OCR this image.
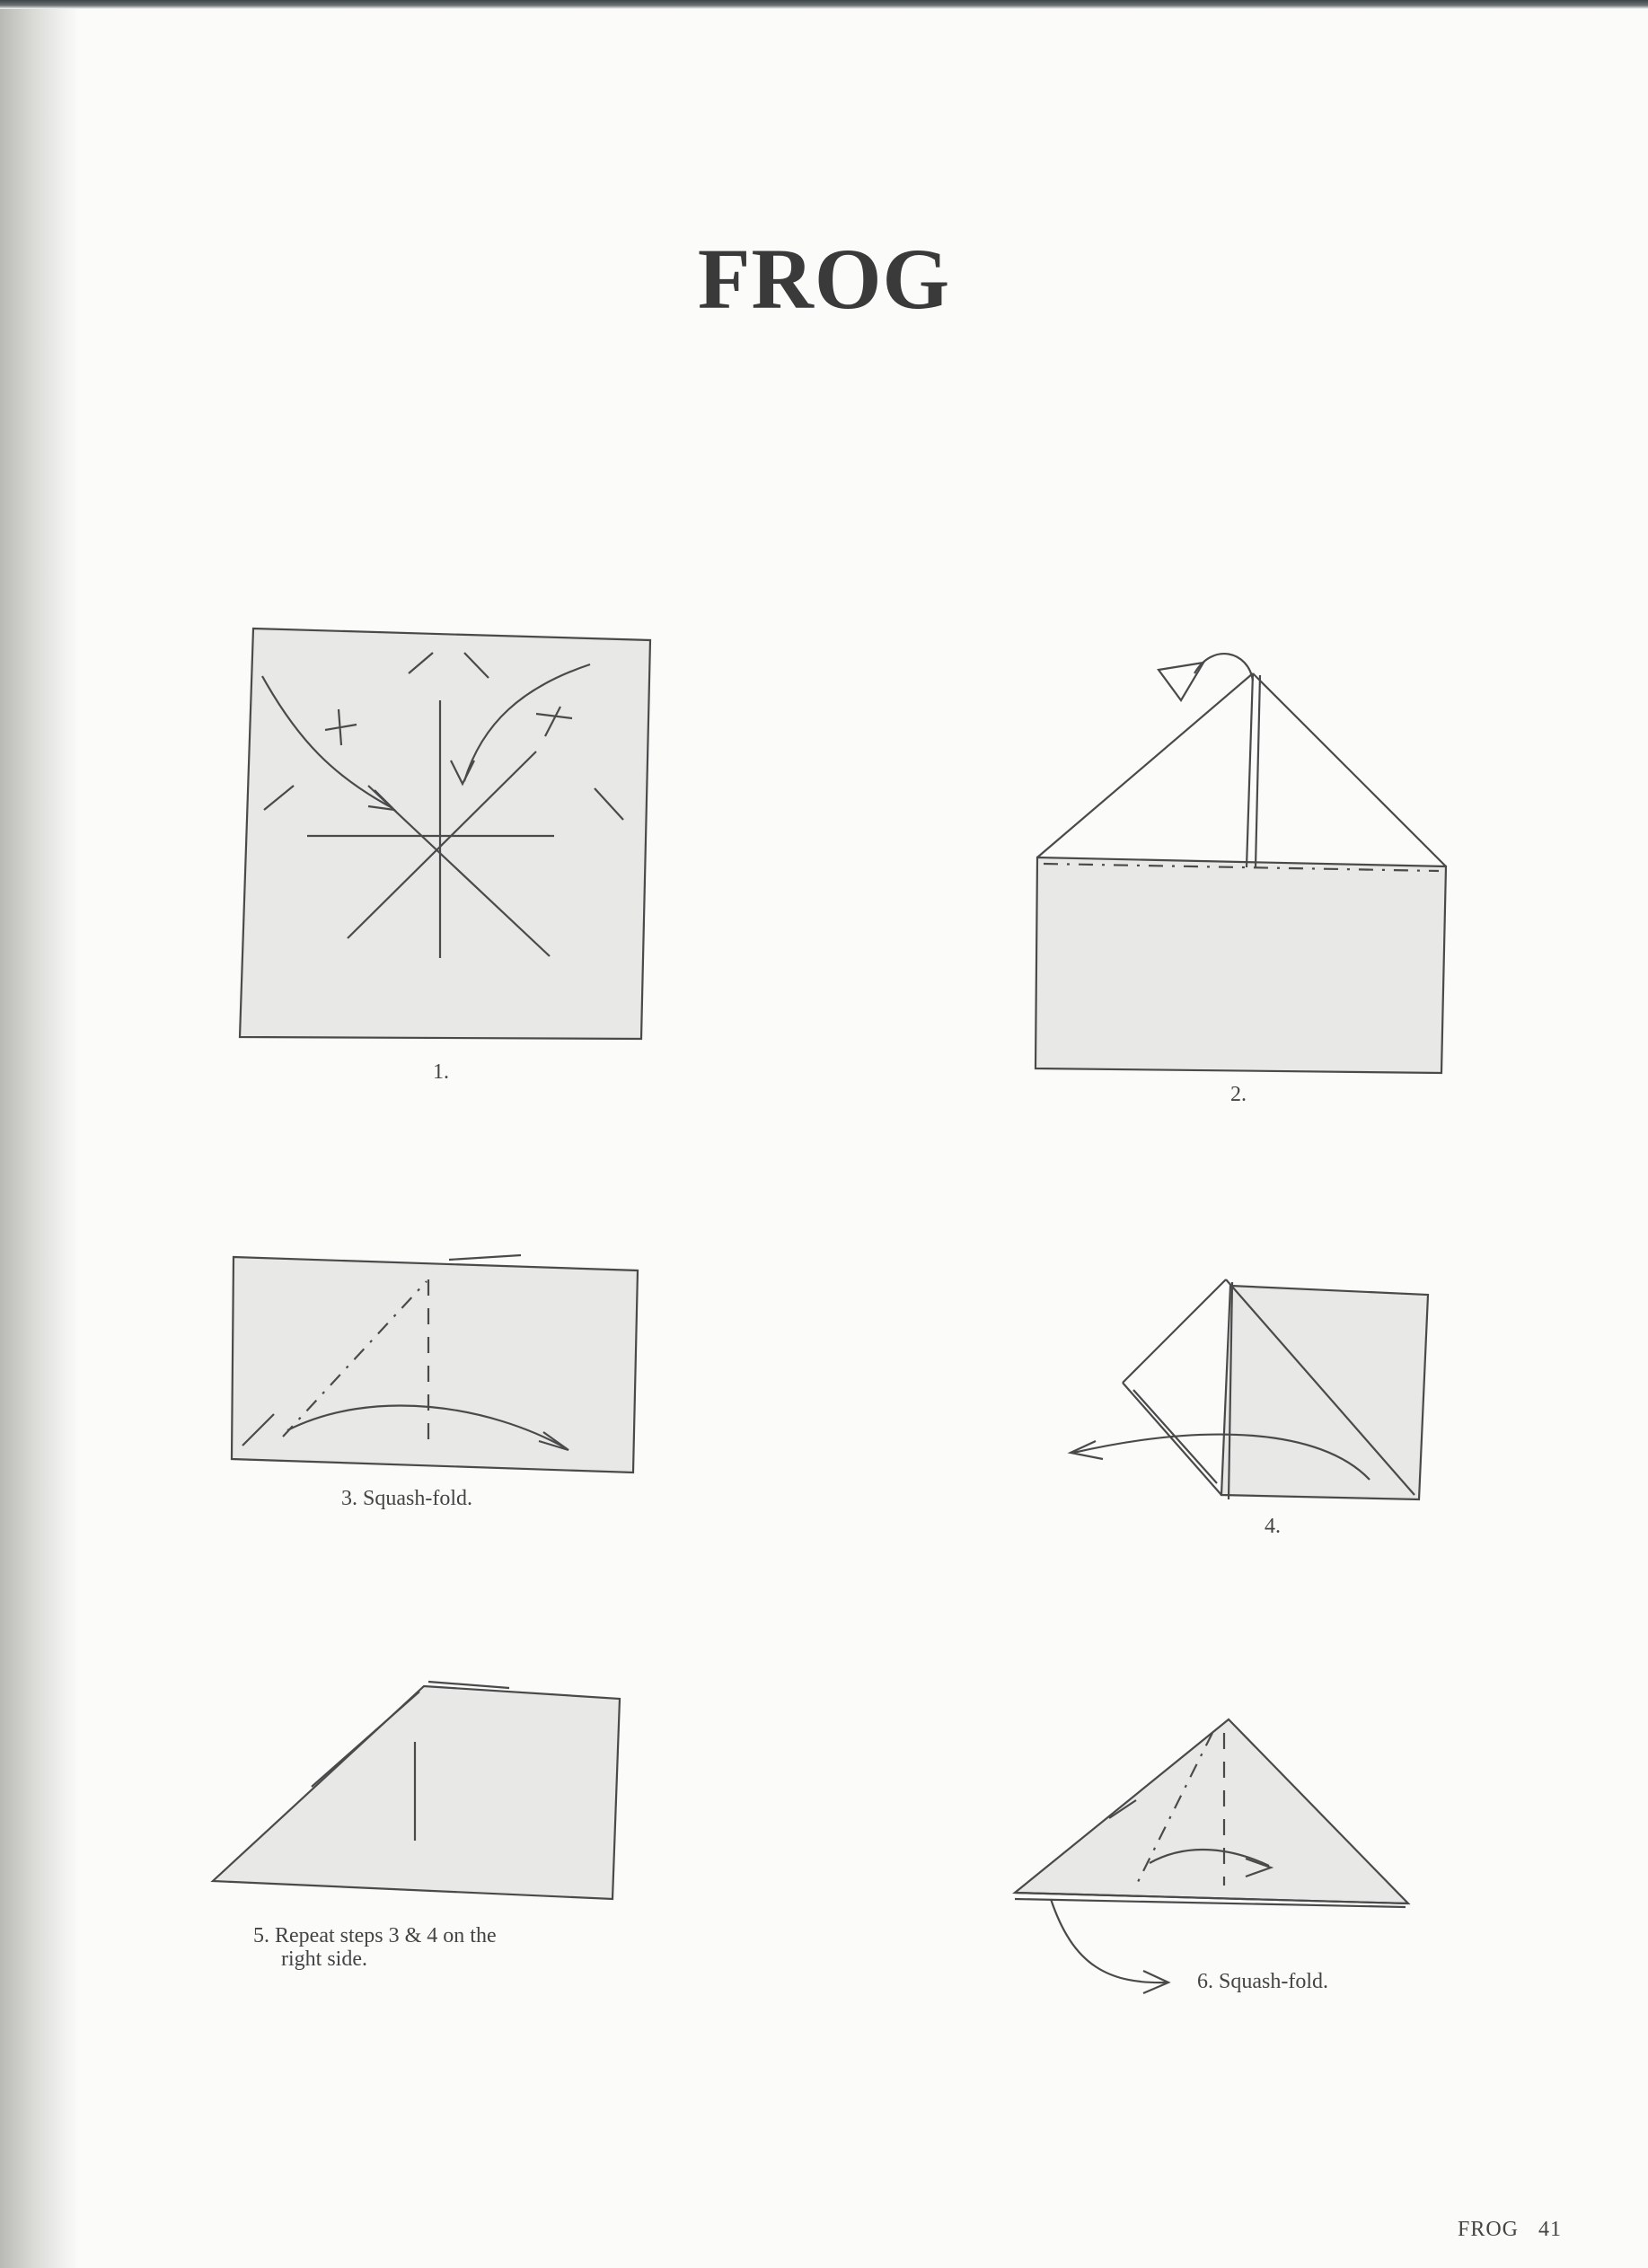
FROG
1.
2.
3. Squash-fold.
4.
5. Repeat steps 3 & 4 on the
right side.
6. Squash-fold.
FROG 41
